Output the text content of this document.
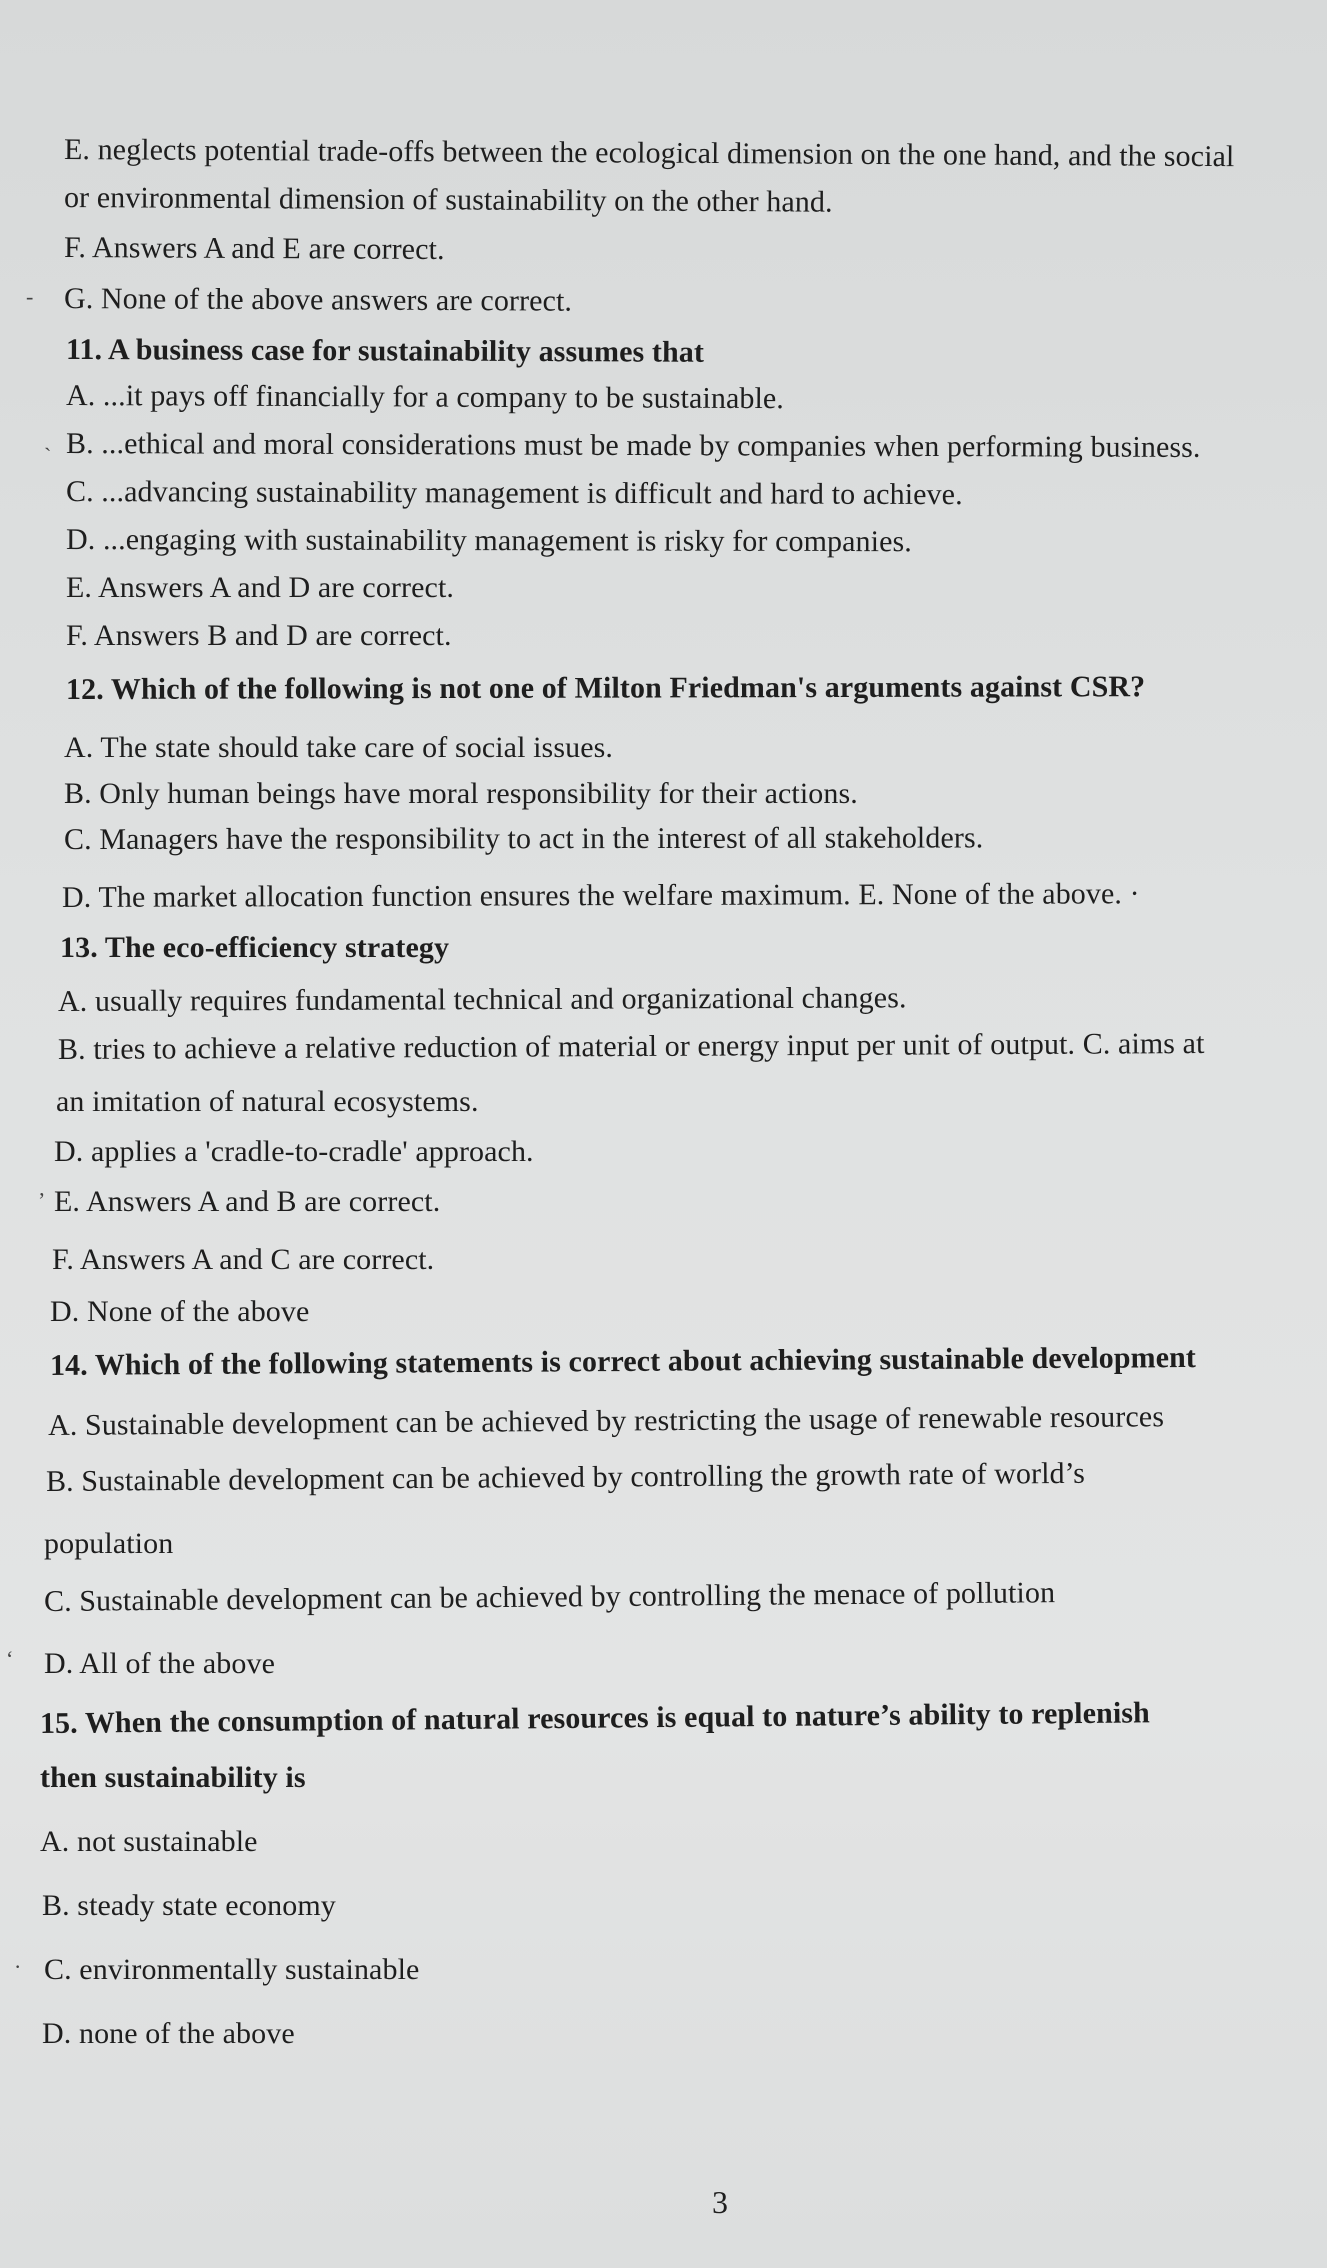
E. neglects potential trade-offs between the ecological dimension on the one hand, and the social
or environmental dimension of sustainability on the other hand.
F. Answers A and E are correct.
- G. None of the above answers are correct.
11. A business case for sustainability assumes that
A. ...it pays off financially for a company to be sustainable.
ˎ B. ...ethical and moral considerations must be made by companies when performing business.
C. ...advancing sustainability management is difficult and hard to achieve.
D. ...engaging with sustainability management is risky for companies.
E. Answers A and D are correct.
F. Answers B and D are correct.
12. Which of the following is not one of Milton Friedman's arguments against CSR?
A. The state should take care of social issues.
B. Only human beings have moral responsibility for their actions.
C. Managers have the responsibility to act in the interest of all stakeholders.
D. The market allocation function ensures the welfare maximum. E. None of the above. ·
13. The eco-efficiency strategy
A. usually requires fundamental technical and organizational changes.
B. tries to achieve a relative reduction of material or energy input per unit of output. C. aims at
an imitation of natural ecosystems.
D. applies a 'cradle-to-cradle' approach.
ʼ E. Answers A and B are correct.
F. Answers A and C are correct.
D. None of the above
14. Which of the following statements is correct about achieving sustainable development
A. Sustainable development can be achieved by restricting the usage of renewable resources
B. Sustainable development can be achieved by controlling the growth rate of world’s
population
C. Sustainable development can be achieved by controlling the menace of pollution
ʻ D. All of the above
15. When the consumption of natural resources is equal to nature’s ability to replenish
then sustainability is
A. not sustainable
B. steady state economy
· C. environmentally sustainable
D. none of the above
3
